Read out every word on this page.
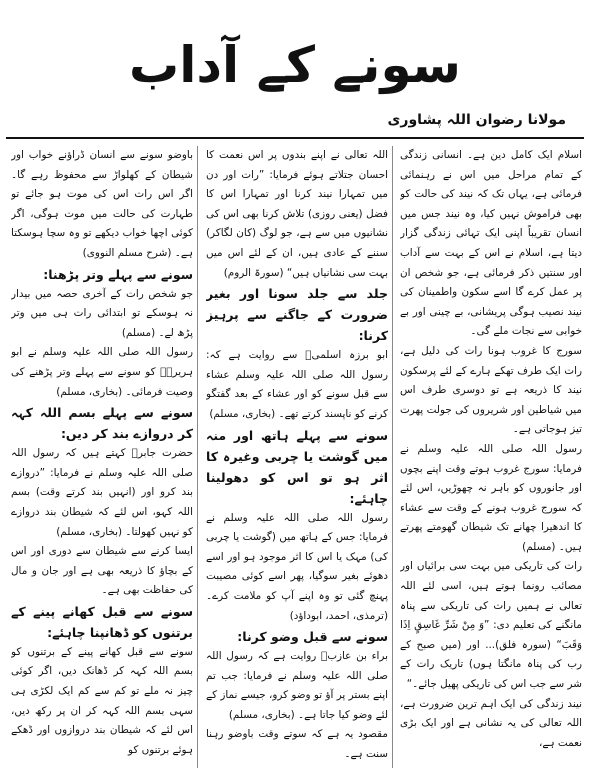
سونے کے آداب
مولانا رضوان اللہ پشاوری

اسلام ایک کامل دین ہے۔ انسانی زندگی کے تمام مراحل میں اس نے رہنمائی فرمائی ہے، یہاں تک کہ نیند کی حالت کو بھی فراموش نہیں کیا، وہ نیند جس میں انسان تقریباً اپنی ایک تہائی زندگی گزار دیتا ہے، اسلام نے اس کے بہت سے آداب اور سنتیں ذکر فرمائی ہے، جو شخص ان پر عمل کرے گا اسے سکون واطمینان کی نیند نصیب ہوگی پریشانی، بے چینی اور بے خوابی سے نجات ملے گی۔

سورج کا غروب ہونا رات کی دلیل ہے، رات ایک طرف تھکے ہارے کے لئے پرسکون نیند کا ذریعہ ہے تو دوسری طرف اس میں شیاطین اور شریروں کی جولت پھرت تیز ہوجاتی ہے۔

رسول اللہ صلی اللہ علیہ وسلم نے فرمایا: سورج غروب ہوتے وقت اپنے بچوں اور جانوروں کو باہر نہ چھوڑیں، اس لئے کہ سورج غروب ہونے کے وقت سے عشاء کا اندھیرا چھانے تک شیطان گھومتے پھرتے ہیں۔ (مسلم)

رات کی تاریکی میں بہت سی برائیاں اور مصائب رونما ہوتے ہیں، اسی لئے اللہ تعالی نے ہمیں رات کی تاریکی سے پناہ مانگنے کی تعلیم دی: ”وَ مِنْ شَرِّ غَاسِقٍ اِذَا وَقَبَ“ (سورہ فلق)... اور (میں صبح کے رب کی پناہ مانگتا ہوں) تاریک رات کے شر سے جب اس کی تاریکی پھیل جائے۔“

نیند زندگی کی ایک اہم ترین ضرورت ہے، اللہ تعالی کی یہ نشانی ہے اور ایک بڑی نعمت ہے،

اللہ تعالی نے اپنے بندوں پر اس نعمت کا احسان جتلاتے ہوئے فرمایا: ”رات اور دن میں تمہارا نیند کرنا اور تمہارا اس کا فضل (یعنی روزی) تلاش کرنا بھی اس کی نشانیوں میں سے ہے، جو لوگ (کان لگاکر) سننے کے عادی ہیں، ان کے لئے اس میں بہت سی نشانیاں ہیں“ (سورۃ الروم)

جلد سے جلد سونا اور بغیر ضرورت کے جاگنے سے پرہیز کرنا:

ابو برزہ اسلمیؓ سے روایت ہے کہ: رسول اللہ صلی اللہ علیہ وسلم عشاء سے قبل سونے کو اور عشاء کے بعد گفتگو کرنے کو ناپسند کرتے تھے۔ (بخاری، مسلم)

سونے سے پہلے ہاتھ اور منہ میں گوشت یا چربی وغیرہ کا اثر ہو تو اس کو دھولینا چاہئے:

رسول اللہ صلی اللہ علیہ وسلم نے فرمایا: جس کے ہاتھ میں (گوشت یا چربی کی) مہک یا اس کا اثر موجود ہو اور اسے دھوئے بغیر سوگیا، پھر اسے کوئی مصیبت پہنچ گئی تو وہ اپنے آپ کو ملامت کرے۔ (ترمذی، احمد، ابوداؤد)

سونے سے قبل وضو کرنا:

براء بن عازبؓ روایت ہے کہ رسول اللہ صلی اللہ علیہ وسلم نے فرمایا: جب تم اپنے بستر پر آؤ تو وضو کرو، جیسے نماز کے لئے وضو کیا جاتا ہے۔ (بخاری، مسلم)

مقصود یہ ہے کہ سوتے وقت باوضو رہنا سنت ہے۔

باوضو سونے سے انسان ڈراؤنے خواب اور شیطان کے کھلواڑ سے محفوظ رہے گا۔ اگر اس رات اس کی موت ہو جائے تو طہارت کی حالت میں موت ہوگی، اگر کوئی اچھا خواب دیکھے تو وہ سچا ہوسکتا ہے۔ (شرح مسلم النووی)

سونے سے پہلے وتر پڑھنا:

جو شخص رات کے آخری حصہ میں بیدار نہ ہوسکے تو ابتدائی رات ہی میں وتر پڑھ لے۔ (مسلم)

رسول اللہ صلی اللہ علیہ وسلم نے ابو ہریرہؓ کو سونے سے پہلے وتر پڑھنے کی وصیت فرمائی۔ (بخاری، مسلم)

سونے سے پہلے بسم اللہ کہہ کر دروازے بند کر دیں:

حضرت جابرؓ کہتے ہیں کہ رسول اللہ صلی اللہ علیہ وسلم نے فرمایا: ”دروازے بند کرو اور (انہیں بند کرتے وقت) بسم اللہ کہو، اس لئے کہ شیطان بند دروازے کو نہیں کھولتا۔ (بخاری، مسلم)

ایسا کرنے سے شیطان سے دوری اور اس کے بچاؤ کا ذریعہ بھی ہے اور جان و مال کی حفاظت بھی ہے۔

سونے سے قبل کھانے پینے کے برتنوں کو ڈھانپنا چاہئے:

سونے سے قبل کھانے پینے کے برتنوں کو بسم اللہ کہہ کر ڈھانک دیں، اگر کوئی چیز نہ ملے تو کم سے کم ایک لکڑی ہی سہی بسم اللہ کہہ کر ان پر رکھ دیں، اس لئے کہ شیطان بند دروازوں اور ڈھکے ہوئے برتنوں کو
